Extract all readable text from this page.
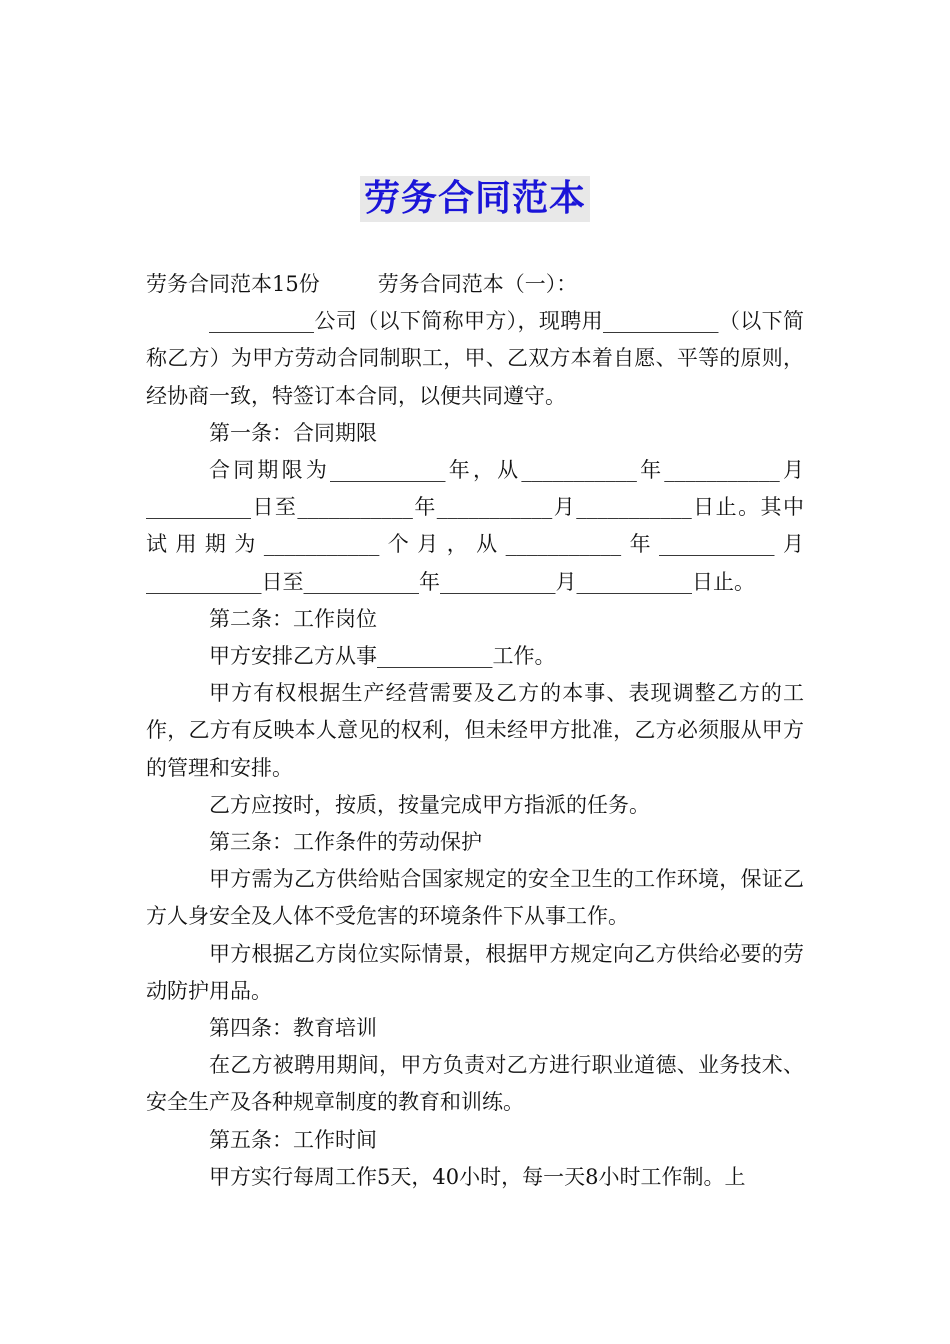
劳务合同范本

劳务合同范本15份	劳务合同范本（一）：

__________公司（以下简称甲方），现聘用___________（以下简称乙方）为甲方劳动合同制职工，甲、乙双方本着自愿、平等的原则，经协商一致，特签订本合同，以便共同遵守。

第一条：合同期限

合同期限为___________年，从___________年___________月__________日至___________年___________月___________日止。其中试用期为___________个月，从___________年___________月___________日至___________年___________月___________日止。

第二条：工作岗位

甲方安排乙方从事___________工作。

甲方有权根据生产经营需要及乙方的本事、表现调整乙方的工作，乙方有反映本人意见的权利，但未经甲方批准，乙方必须服从甲方的管理和安排。

乙方应按时，按质，按量完成甲方指派的任务。

第三条：工作条件的劳动保护

甲方需为乙方供给贴合国家规定的安全卫生的工作环境，保证乙方人身安全及人体不受危害的环境条件下从事工作。

甲方根据乙方岗位实际情景，根据甲方规定向乙方供给必要的劳动防护用品。

第四条：教育培训

在乙方被聘用期间，甲方负责对乙方进行职业道德、业务技术、安全生产及各种规章制度的教育和训练。

第五条：工作时间

甲方实行每周工作5天，40小时，每一天8小时工作制。上
